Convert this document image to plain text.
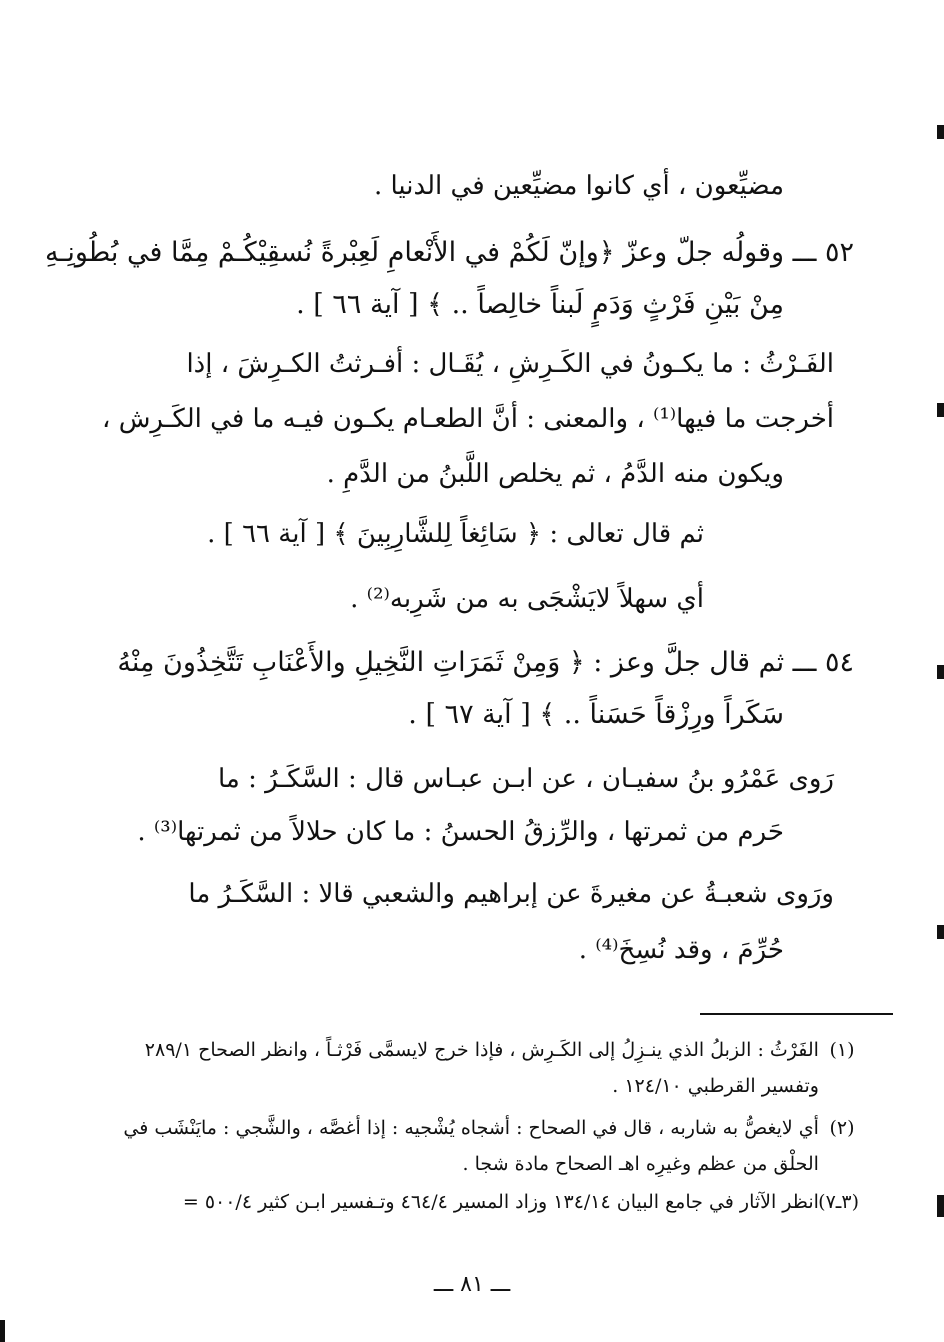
مضيِّعون ، أي كانوا مضيِّعين في الدنيا .

٥٢ ـــ وقولُه جلّ وعزّ ﴿وإنّ لَكُمْ في الأَنْعامِ لَعِبْرةً نُسقِيْكُـمْ مِمَّا في بُطُونِـهِ

مِنْ بَيْنِ فَرْثٍ وَدَمٍ لَبناً خالِصاً .. ﴾ [ آية ٦٦ ] .

الفَـرْثُ : ما يكـونُ في الكَـرِشِ ، يُقَـال : أفـرثتُ الكـرِشَ ، إذا

أخرجت ما فيها⁽¹⁾ ، والمعنى : أنَّ الطعـام يكـون فيـه ما في الكَـرِش ،

ويكون منه الدَّمُ ، ثم يخلص اللَّبنُ من الدَّمِ .

ثم قال تعالى : ﴿ سَائِغاً لِلشَّارِبِينَ ﴾ [ آية ٦٦ ] .

أي سهلاً لايَشْجَى به من شَرِبه⁽²⁾ .

٥٤ ـــ ثم قال جلَّ وعز : ﴿ وَمِنْ ثَمَرَاتِ النَّخِيلِ والأَعْنَابِ تَتَّخِذُونَ مِنْهُ

سَكَراً ورِزْقاً حَسَناً .. ﴾ [ آية ٦٧ ] .

رَوى عَمْرُو بنُ سفيـان ، عن ابـن عبـاس قال : السَّكَـرُ : ما

حَرم من ثمرتها ، والرِّزقُ الحسنُ : ما كان حلالاً من ثمرتها⁽³⁾ .

ورَوى شعبـةُ عن مغيرةَ عن إبراهيم والشعبي قالا : السَّكَـرُ ما

حُرِّمَ ، وقد نُسِخَ⁽⁴⁾ .

(١) الفَرْثُ : الزبلُ الذي ينـزِلُ إلى الكَـرِش ، فإذا خرج لايسمَّى فَرْثـاً ، وانظر الصحاح ٢٨٩/١

وتفسير القرطبي ١٢٤/١٠ .

(٢) أي لايغصُّ به شاربه ، قال في الصحاح : أشجاه يُشْجيه : إذا أغصَّه ، والشَّجي : مايَنْشَب في

الحلْق من عظم وغيرِه اهـ الصحاح مادة شجا .

(٣ـ٧) انظر الآثار في جامع البيان ١٣٤/١٤ وزاد المسير ٤٦٤/٤ وتـفسير ابـن كثير ٥٠٠/٤ =

ـــ ٨١ ـــ
